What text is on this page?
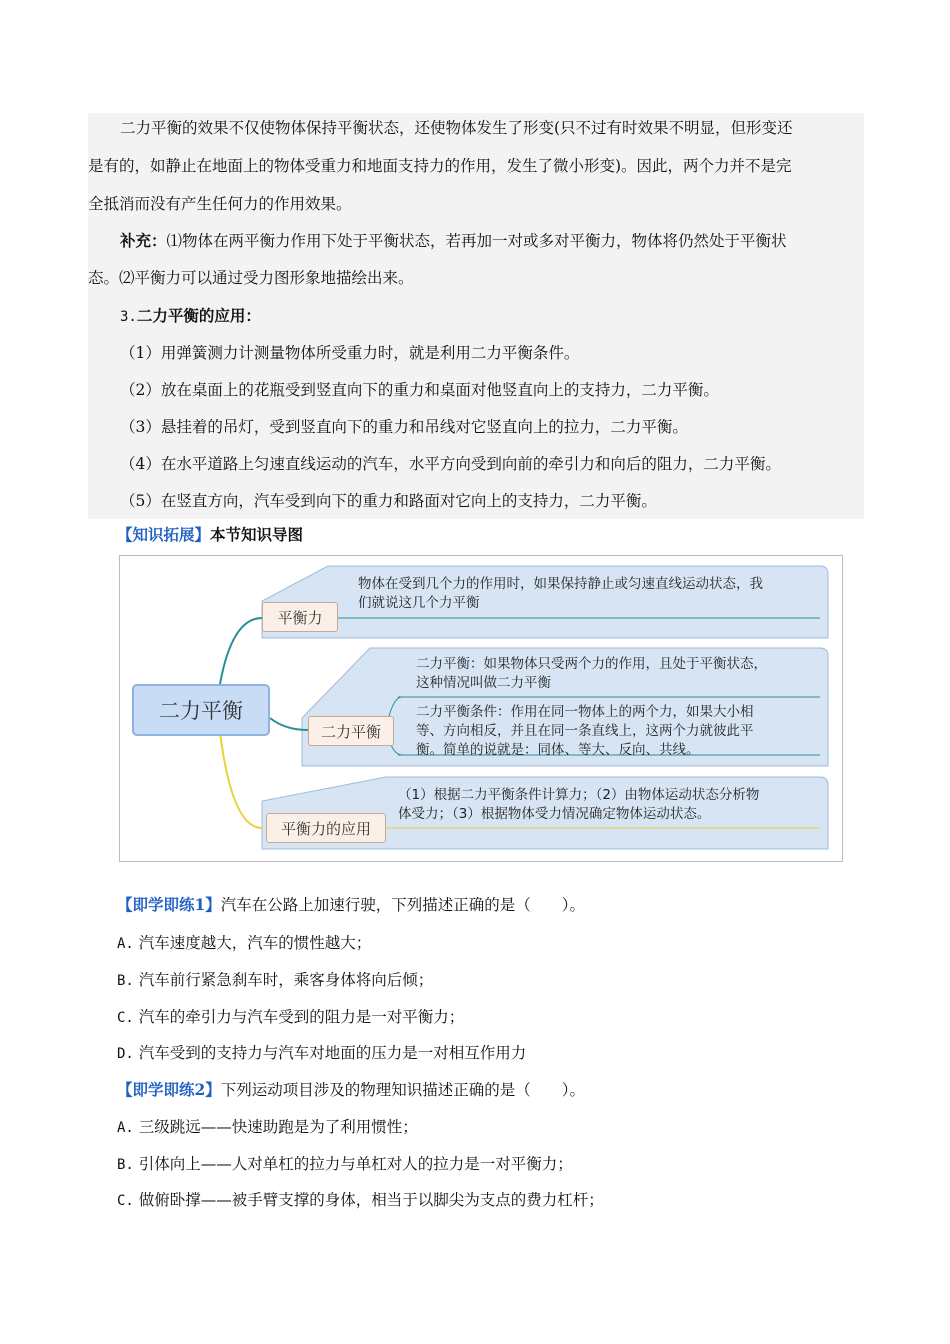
二力平衡的效果不仅使物体保持平衡状态，还使物体发生了形变(只不过有时效果不明显，但形变还
是有的，如静止在地面上的物体受重力和地面支持力的作用，发生了微小形变)。因此，两个力并不是完
全抵消而没有产生任何力的作用效果。
补充：⑴物体在两平衡力作用下处于平衡状态，若再加一对或多对平衡力，物体将仍然处于平衡状
态。⑵平衡力可以通过受力图形象地描绘出来。
3.二力平衡的应用：
（1）用弹簧测力计测量物体所受重力时，就是利用二力平衡条件。
（2）放在桌面上的花瓶受到竖直向下的重力和桌面对他竖直向上的支持力，二力平衡。
（3）悬挂着的吊灯，受到竖直向下的重力和吊线对它竖直向上的拉力，二力平衡。
（4）在水平道路上匀速直线运动的汽车，水平方向受到向前的牵引力和向后的阻力，二力平衡。
（5）在竖直方向，汽车受到向下的重力和路面对它向上的支持力，二力平衡。
【知识拓展】本节知识导图
二力平衡
平衡力
物体在受到几个力的作用时，如果保持静止或匀速直线运动状态，我
们就说这几个力平衡
二力平衡
二力平衡：如果物体只受两个力的作用，且处于平衡状态，
这种情况叫做二力平衡
二力平衡条件：作用在同一物体上的两个力，如果大小相
等、方向相反，并且在同一条直线上，这两个力就彼此平
衡。简单的说就是：同体、等大、反向、共线。
平衡力的应用
（1）根据二力平衡条件计算力；（2）由物体运动状态分析物
体受力；（3）根据物体受力情况确定物体运动状态。
【即学即练1】汽车在公路上加速行驶，下列描述正确的是（　　）。
A. 汽车速度越大，汽车的惯性越大；
B. 汽车前行紧急刹车时，乘客身体将向后倾；
C. 汽车的牵引力与汽车受到的阻力是一对平衡力；
D. 汽车受到的支持力与汽车对地面的压力是一对相互作用力
【即学即练2】下列运动项目涉及的物理知识描述正确的是（　　）。
A. 三级跳远——快速助跑是为了利用惯性；
B. 引体向上——人对单杠的拉力与单杠对人的拉力是一对平衡力；
C. 做俯卧撑——被手臂支撑的身体，相当于以脚尖为支点的费力杠杆；
